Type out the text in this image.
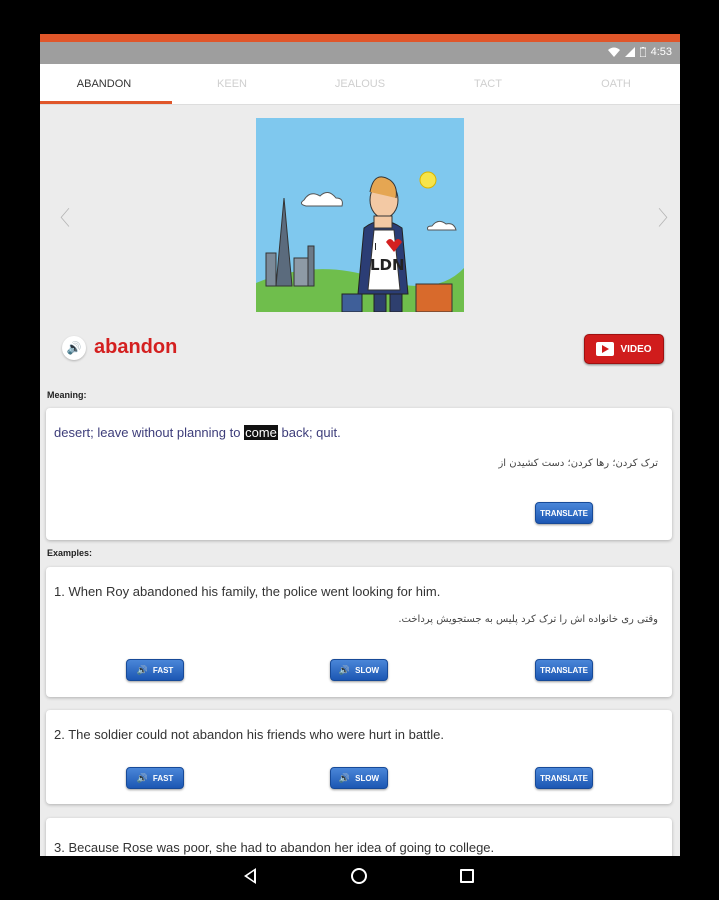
4:53
ABANDON	KEEN	JEALOUS	TACT	OATH
〈	〉
I
LDN
🔊 abandon	VIDEO
Meaning:
desert; leave without planning to come back; quit.
ترک کردن؛ رها کردن؛ دست کشیدن از
TRANSLATE
Examples:
1. When Roy abandoned his family, the police went looking for him.
وقتی ری خانواده اش را ترک کرد پلیس به جستجویش پرداخت.
🔊 FAST	🔊 SLOW	TRANSLATE
2. The soldier could not abandon his friends who were hurt in battle.
🔊 FAST	🔊 SLOW	TRANSLATE
3. Because Rose was poor, she had to abandon her idea of going to college.
